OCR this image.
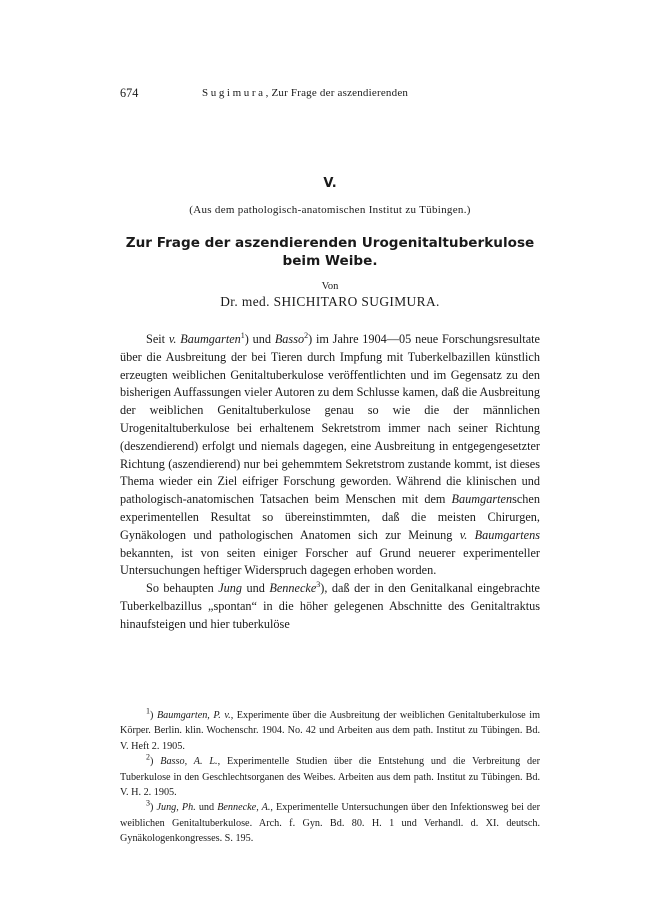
674	Sugimura, Zur Frage der aszendierenden
V.
(Aus dem pathologisch-anatomischen Institut zu Tübingen.)
Zur Frage der aszendierenden Urogenitaltuberkulose
beim Weibe.
Von
Dr. med. SHICHITARO SUGIMURA.

Seit v. Baumgarten$^1$) und Basso$^2$) im Jahre 1904—05 neue Forschungsresultate über die Ausbreitung der bei Tieren durch Impfung mit Tuberkelbazillen künstlich erzeugten weiblichen Genitaltuberkulose veröffentlichten und im Gegensatz zu den bisherigen Auffassungen vieler Autoren zu dem Schlusse kamen, daß die Ausbreitung der weiblichen Genitaltuberkulose genau so wie die der männlichen Urogenitaltuberkulose bei erhaltenem Sekretstrom immer nach seiner Richtung (deszendierend) erfolgt und niemals dagegen, eine Ausbreitung in entgegengesetzter Richtung (aszendierend) nur bei gehemmtem Sekretstrom zustande kommt, ist dieses Thema wieder ein Ziel eifriger Forschung geworden. Während die klinischen und pathologisch-anatomischen Tatsachen beim Menschen mit dem Baumgartenschen experimentellen Resultat so übereinstimmten, daß die meisten Chirurgen, Gynäkologen und pathologischen Anatomen sich zur Meinung v. Baumgartens bekannten, ist von seiten einiger Forscher auf Grund neuerer experimenteller Untersuchungen heftiger Widerspruch dagegen erhoben worden.

So behaupten Jung und Bennecke$^3$), daß der in den Genitalkanal eingebrachte Tuberkelbazillus „spontan“ in die höher gelegenen Abschnitte des Genitaltraktus hinaufsteigen und hier tuberkulöse

$^1$) Baumgarten, P. v., Experimente über die Ausbreitung der weiblichen Genitaltuberkulose im Körper. Berlin. klin. Wochenschr. 1904. No. 42 und Arbeiten aus dem path. Institut zu Tübingen. Bd. V. Heft 2. 1905.

$^2$) Basso, A. L., Experimentelle Studien über die Entstehung und die Verbreitung der Tuberkulose in den Geschlechtsorganen des Weibes. Arbeiten aus dem path. Institut zu Tübingen. Bd. V. H. 2. 1905.

$^3$) Jung, Ph. und Bennecke, A., Experimentelle Untersuchungen über den Infektionsweg bei der weiblichen Genitaltuberkulose. Arch. f. Gyn. Bd. 80. H. 1 und Verhandl. d. XI. deutsch. Gynäkologenkongresses. S. 195.
